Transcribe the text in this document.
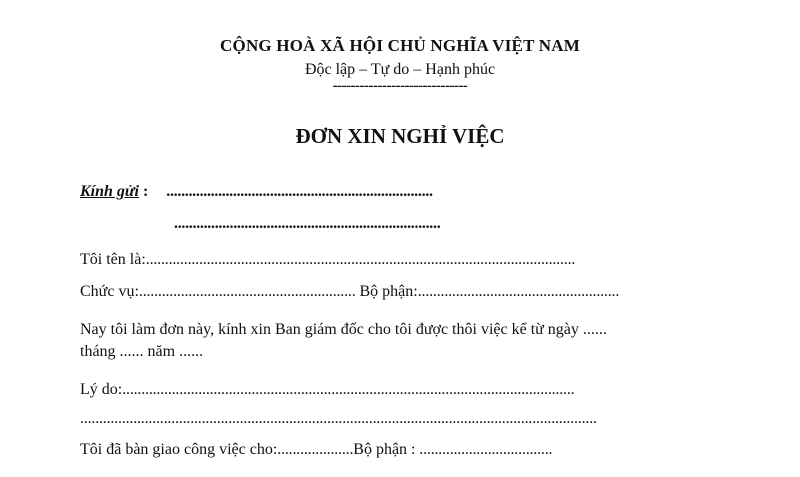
CỘNG HOÀ XÃ HỘI CHỦ NGHĨA VIỆT NAM
Độc lập – Tự do – Hạnh phúc
------------------------------
ĐƠN XIN NGHỈ VIỆC
Kính gửi : ........................................................................
........................................................................
Tôi tên là:.................................................................................................................
Chức vụ:......................................................... Bộ phận:.....................................................
Nay tôi làm đơn này, kính xin Ban giám đốc cho tôi được thôi việc kể từ ngày ......
tháng ...... năm ......
Lý do:.......................................................................................................................
........................................................................................................................................
Tôi đã bàn giao công việc cho:....................Bộ phận : ...................................
